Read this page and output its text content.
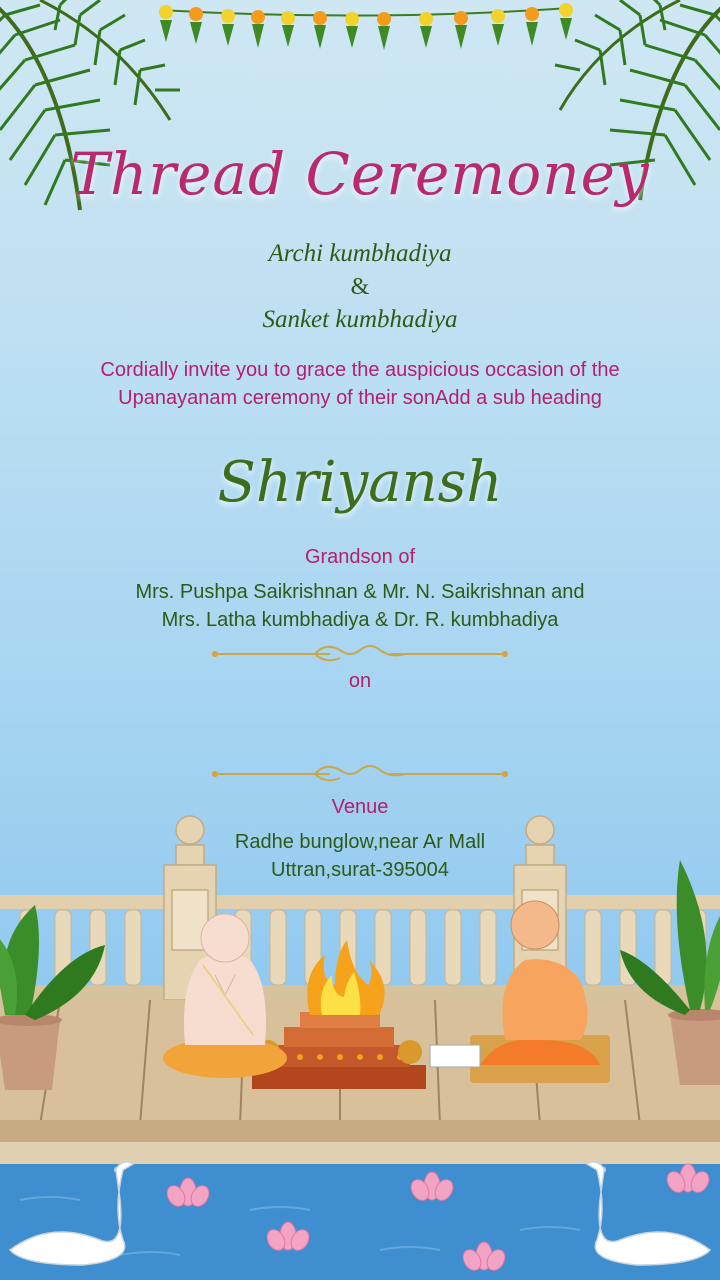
Thread Ceremoney
Archi kumbhadiya
&
Sanket kumbhadiya
Cordially invite you to grace the auspicious occasion of the Upanayanam ceremony of their sonAdd a sub heading
Shriyansh
Grandson of
Mrs. Pushpa Saikrishnan & Mr. N. Saikrishnan and
Mrs. Latha kumbhadiya & Dr. R. kumbhadiya
on
Venue
Radhe bunglow,near Ar Mall
Uttran,surat-395004
